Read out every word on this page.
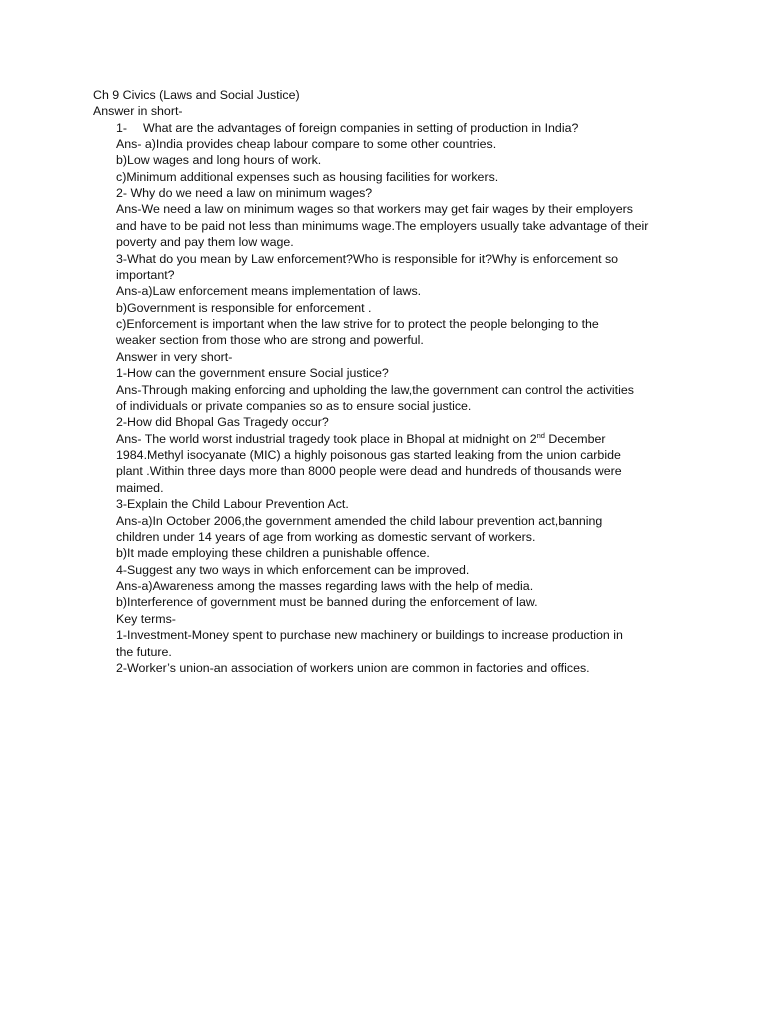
Ch 9 Civics (Laws and Social Justice)
Answer in short-
1- What are the advantages of foreign companies in setting of production in India?
Ans- a)India provides cheap labour compare to some other countries.
b)Low wages and long hours of work.
c)Minimum additional expenses such as housing facilities for workers.
2- Why do we need a law on minimum wages?
Ans-We need a law on minimum wages so that workers may get fair wages by their employers
and have to be paid not less than minimums wage.The employers usually take advantage of their
poverty and pay them low wage.
3-What do you mean by Law enforcement?Who is responsible for it?Why is enforcement so
important?
Ans-a)Law enforcement means implementation of laws.
b)Government is responsible for enforcement .
c)Enforcement is important when the law strive for to protect the people belonging to the
weaker section from those who are strong and powerful.
Answer in very short-
1-How can the government ensure Social justice?
Ans-Through making enforcing and upholding the law,the government can control the activities
of individuals or private companies so as to ensure social justice.
2-How did Bhopal Gas Tragedy occur?
Ans- The world worst industrial tragedy took place in Bhopal at midnight on 2nd December
1984.Methyl isocyanate (MIC) a highly poisonous gas started leaking from the union carbide
plant .Within three days more than 8000 people were dead and hundreds of thousands were
maimed.
3-Explain the Child Labour Prevention Act.
Ans-a)In October 2006,the government amended the child labour prevention act,banning
children under 14 years of age from working as domestic servant of workers.
b)It made employing these children a punishable offence.
4-Suggest any two ways in which enforcement can be improved.
Ans-a)Awareness among the masses regarding laws with the help of media.
b)Interference of government must be banned during the enforcement of law.
Key terms-
1-Investment-Money spent to purchase new machinery or buildings to increase production in
the future.
2-Worker’s union-an association of workers union are common in factories and offices.
